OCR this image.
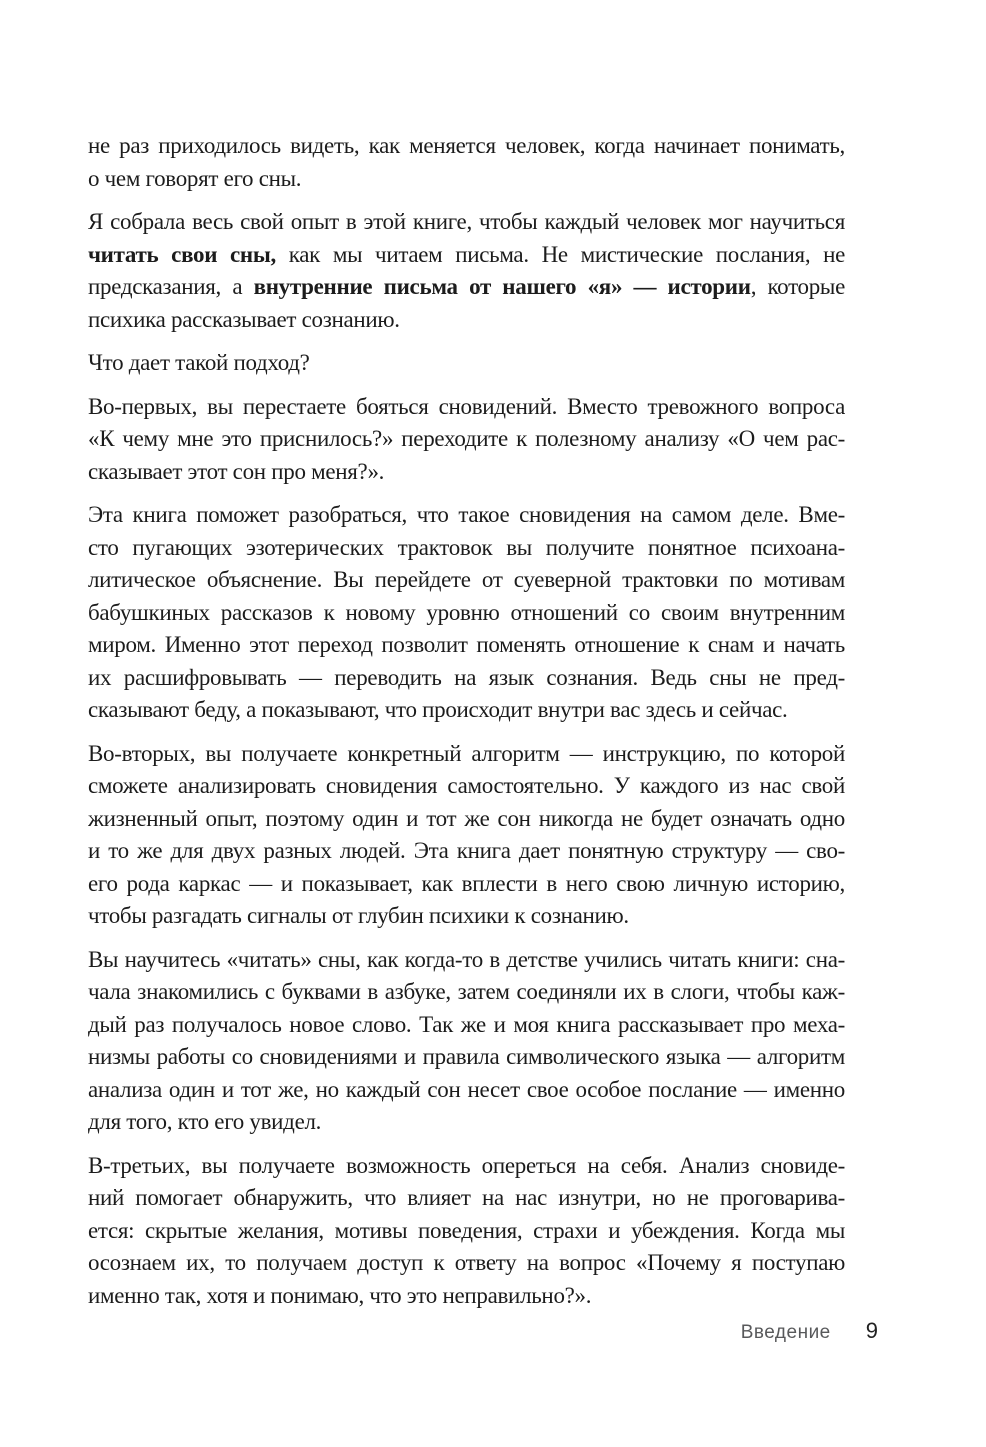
не раз приходилось видеть, как меняется человек, когда начинает понимать,
о чем говорят его сны.
Я собрала весь свой опыт в этой книге, чтобы каждый человек мог научиться
читать свои сны, как мы читаем письма. Не мистические послания, не
предсказания, а внутренние письма от нашего «я» — истории, которые
психика рассказывает сознанию.
Что дает такой подход?
Во-первых, вы перестаете бояться сновидений. Вместо тревожного вопроса
«К чему мне это приснилось?» переходите к полезному анализу «О чем рас-
сказывает этот сон про меня?».
Эта книга поможет разобраться, что такое сновидения на самом деле. Вме-
сто пугающих эзотерических трактовок вы получите понятное психоана-
литическое объяснение. Вы перейдете от суеверной трактовки по мотивам
бабушкиных рассказов к новому уровню отношений со своим внутренним
миром. Именно этот переход позволит поменять отношение к снам и начать
их расшифровывать — переводить на язык сознания. Ведь сны не пред-
сказывают беду, а показывают, что происходит внутри вас здесь и сейчас.
Во-вторых, вы получаете конкретный алгоритм — инструкцию, по которой
сможете анализировать сновидения самостоятельно. У каждого из нас свой
жизненный опыт, поэтому один и тот же сон никогда не будет означать одно
и то же для двух разных людей. Эта книга дает понятную структуру — сво-
его рода каркас — и показывает, как вплести в него свою личную историю,
чтобы разгадать сигналы от глубин психики к сознанию.
Вы научитесь «читать» сны, как когда-то в детстве учились читать книги: сна-
чала знакомились с буквами в азбуке, затем соединяли их в слоги, чтобы каж-
дый раз получалось новое слово. Так же и моя книга рассказывает про меха-
низмы работы со сновидениями и правила символического языка — алгоритм
анализа один и тот же, но каждый сон несет свое особое послание — именно
для того, кто его увидел.
В-третьих, вы получаете возможность опереться на себя. Анализ сновиде-
ний помогает обнаружить, что влияет на нас изнутри, но не проговарива-
ется: скрытые желания, мотивы поведения, страхи и убеждения. Когда мы
осознаем их, то получаем доступ к ответу на вопрос «Почему я поступаю
именно так, хотя и понимаю, что это неправильно?».
Введение 9
